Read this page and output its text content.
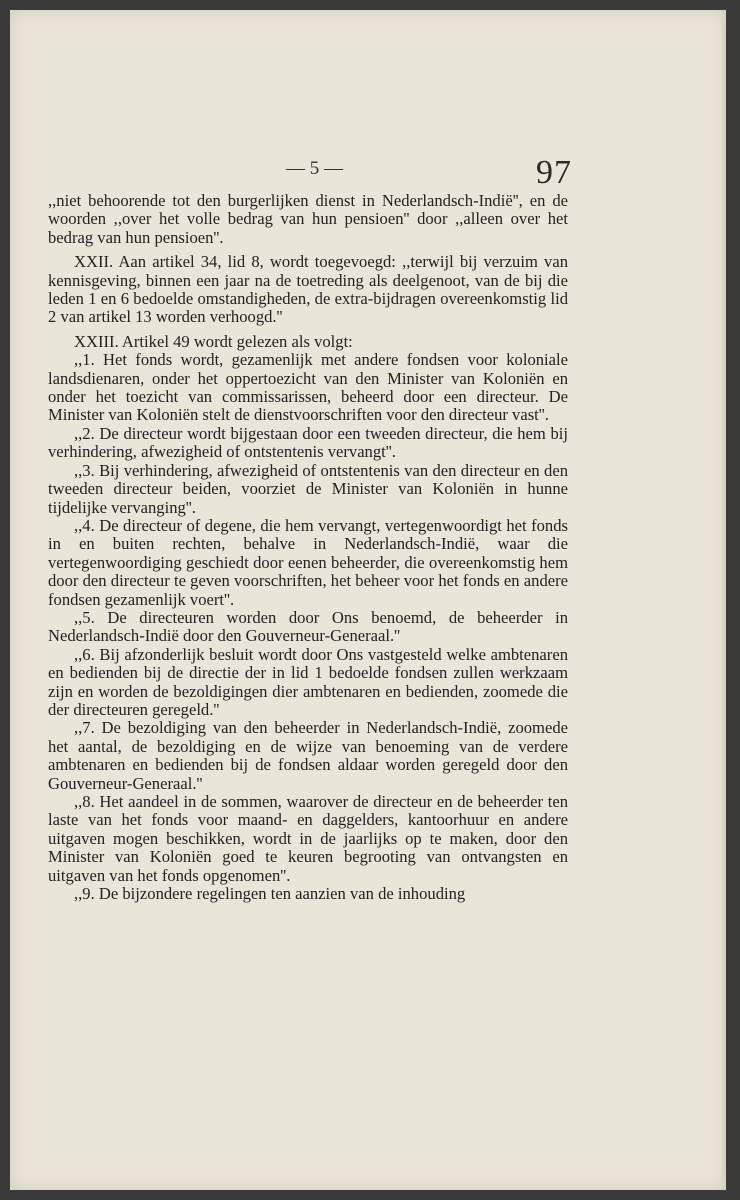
— 5 —	97

,,niet behoorende tot den burgerlijken dienst in Nederlandsch-Indië'', en de woorden ,,over het volle bedrag van hun pensioen'' door ,,alleen over het bedrag van hun pensioen''.

XXII. Aan artikel 34, lid 8, wordt toegevoegd: ,,terwijl bij verzuim van kennisgeving, binnen een jaar na de toetreding als deelgenoot, van de bij die leden 1 en 6 bedoelde omstandigheden, de extra-bijdragen overeenkomstig lid 2 van artikel 13 worden verhoogd.''

XXIII. Artikel 49 wordt gelezen als volgt:

,,1. Het fonds wordt, gezamenlijk met andere fondsen voor koloniale landsdienaren, onder het oppertoezicht van den Minister van Koloniën en onder het toezicht van commissarissen, beheerd door een directeur. De Minister van Koloniën stelt de dienstvoorschriften voor den directeur vast''.

,,2. De directeur wordt bijgestaan door een tweeden directeur, die hem bij verhindering, afwezigheid of ontstentenis vervangt''.

,,3. Bij verhindering, afwezigheid of ontstentenis van den directeur en den tweeden directeur beiden, voorziet de Minister van Koloniën in hunne tijdelijke vervanging''.

,,4. De directeur of degene, die hem vervangt, vertegenwoordigt het fonds in en buiten rechten, behalve in Nederlandsch-Indië, waar die vertegenwoordiging geschiedt door eenen beheerder, die overeenkomstig hem door den directeur te geven voorschriften, het beheer voor het fonds en andere fondsen gezamenlijk voert''.

,,5. De directeuren worden door Ons benoemd, de beheerder in Nederlandsch-Indië door den Gouverneur-Generaal.''

,,6. Bij afzonderlijk besluit wordt door Ons vastgesteld welke ambtenaren en bedienden bij de directie der in lid 1 bedoelde fondsen zullen werkzaam zijn en worden de bezoldigingen dier ambtenaren en bedienden, zoomede die der directeuren geregeld.''

,,7. De bezoldiging van den beheerder in Nederlandsch-Indië, zoomede het aantal, de bezoldiging en de wijze van benoeming van de verdere ambtenaren en bedienden bij de fondsen aldaar worden geregeld door den Gouverneur-Generaal.''

,,8. Het aandeel in de sommen, waarover de directeur en de beheerder ten laste van het fonds voor maand- en daggelders, kantoorhuur en andere uitgaven mogen beschikken, wordt in de jaarlijks op te maken, door den Minister van Koloniën goed te keuren begrooting van ontvangsten en uitgaven van het fonds opgenomen''.

,,9. De bijzondere regelingen ten aanzien van de inhouding
